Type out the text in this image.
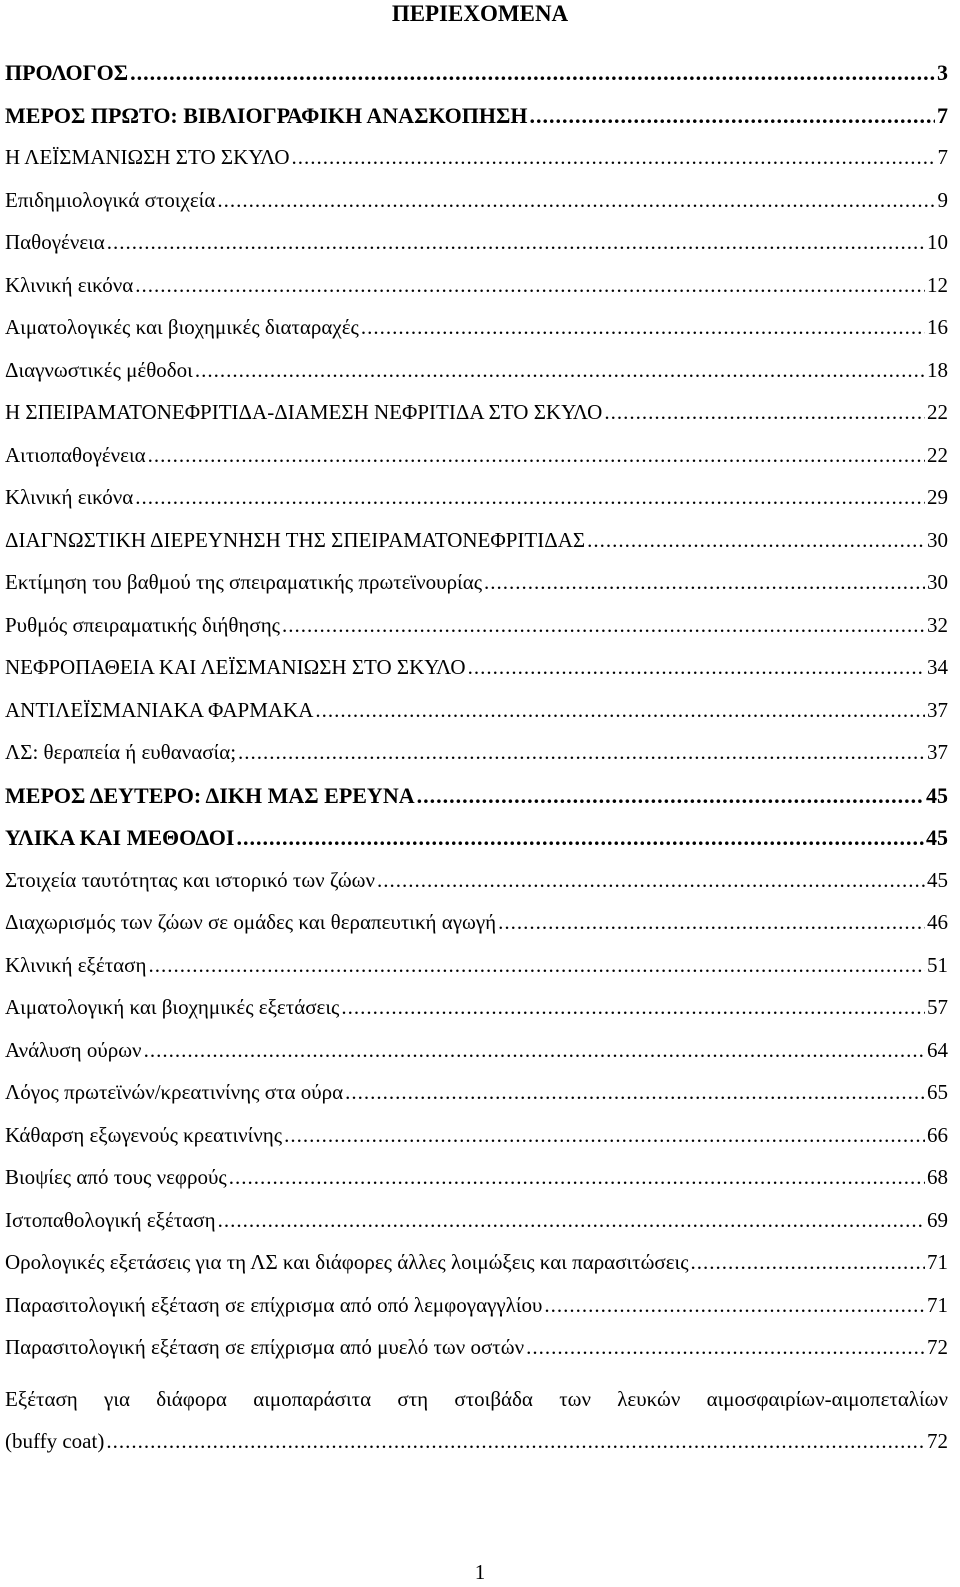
ΠΕΡΙΕΧΟΜΕΝΑ
ΠΡΟΛΟΓΟΣ .....	3
ΜΕΡΟΣ ΠΡΩΤΟ: ΒΙΒΛΙΟΓΡΑΦΙΚΗ ΑΝΑΣΚΟΠΗΣΗ .....	7
Η ΛΕΪΣΜΑΝΙΩΣΗ ΣΤΟ ΣΚΥΛΟ .....	7
Επιδημιολογικά στοιχεία .....	9
Παθογένεια .....	10
Κλινική εικόνα .....	12
Αιματολογικές και βιοχημικές διαταραχές .....	16
Διαγνωστικές μέθοδοι .....	18
Η ΣΠΕΙΡΑΜΑΤΟΝΕΦΡΙΤΙΔΑ-ΔΙΑΜΕΣΗ ΝΕΦΡΙΤΙΔΑ ΣΤΟ ΣΚΥΛΟ .....	22
Αιτιοπαθογένεια .....	22
Κλινική εικόνα .....	29
ΔΙΑΓΝΩΣΤΙΚΗ ΔΙΕΡΕΥΝΗΣΗ ΤΗΣ ΣΠΕΙΡΑΜΑΤΟΝΕΦΡΙΤΙΔΑΣ .....	30
Εκτίμηση του βαθμού της σπειραματικής πρωτεϊνουρίας .....	30
Ρυθμός σπειραματικής διήθησης .....	32
ΝΕΦΡΟΠΑΘΕΙΑ ΚΑΙ ΛΕΪΣΜΑΝΙΩΣΗ ΣΤΟ ΣΚΥΛΟ .....	34
ΑΝΤΙΛΕΪΣΜΑΝΙΑΚΑ ΦΑΡΜΑΚΑ .....	37
ΛΣ: θεραπεία ή ευθανασία; .....	37
ΜΕΡΟΣ ΔΕΥΤΕΡΟ: ΔΙΚΗ ΜΑΣ ΕΡΕΥΝΑ .....	45
ΥΛΙΚΑ ΚΑΙ ΜΕΘΟΔΟΙ .....	45
Στοιχεία ταυτότητας και ιστορικό των ζώων .....	45
Διαχωρισμός των ζώων σε ομάδες και θεραπευτική αγωγή .....	46
Κλινική εξέταση .....	51
Αιματολογική και βιοχημικές εξετάσεις .....	57
Ανάλυση ούρων .....	64
Λόγος πρωτεϊνών/κρεατινίνης στα ούρα .....	65
Κάθαρση εξωγενούς κρεατινίνης .....	66
Βιοψίες από τους νεφρούς .....	68
Ιστοπαθολογική εξέταση .....	69
Ορολογικές εξετάσεις για τη ΛΣ και διάφορες άλλες λοιμώξεις και παρασιτώσεις .....	71
Παρασιτολογική εξέταση σε επίχρισμα από οπό λεμφογαγγλίου .....	71
Παρασιτολογική εξέταση σε επίχρισμα από μυελό των οστών .....	72
Εξέταση για διάφορα αιμοπαράσιτα στη στοιβάδα των λευκών αιμοσφαιρίων-αιμοπεταλίων
(buffy coat) .....	72
1
